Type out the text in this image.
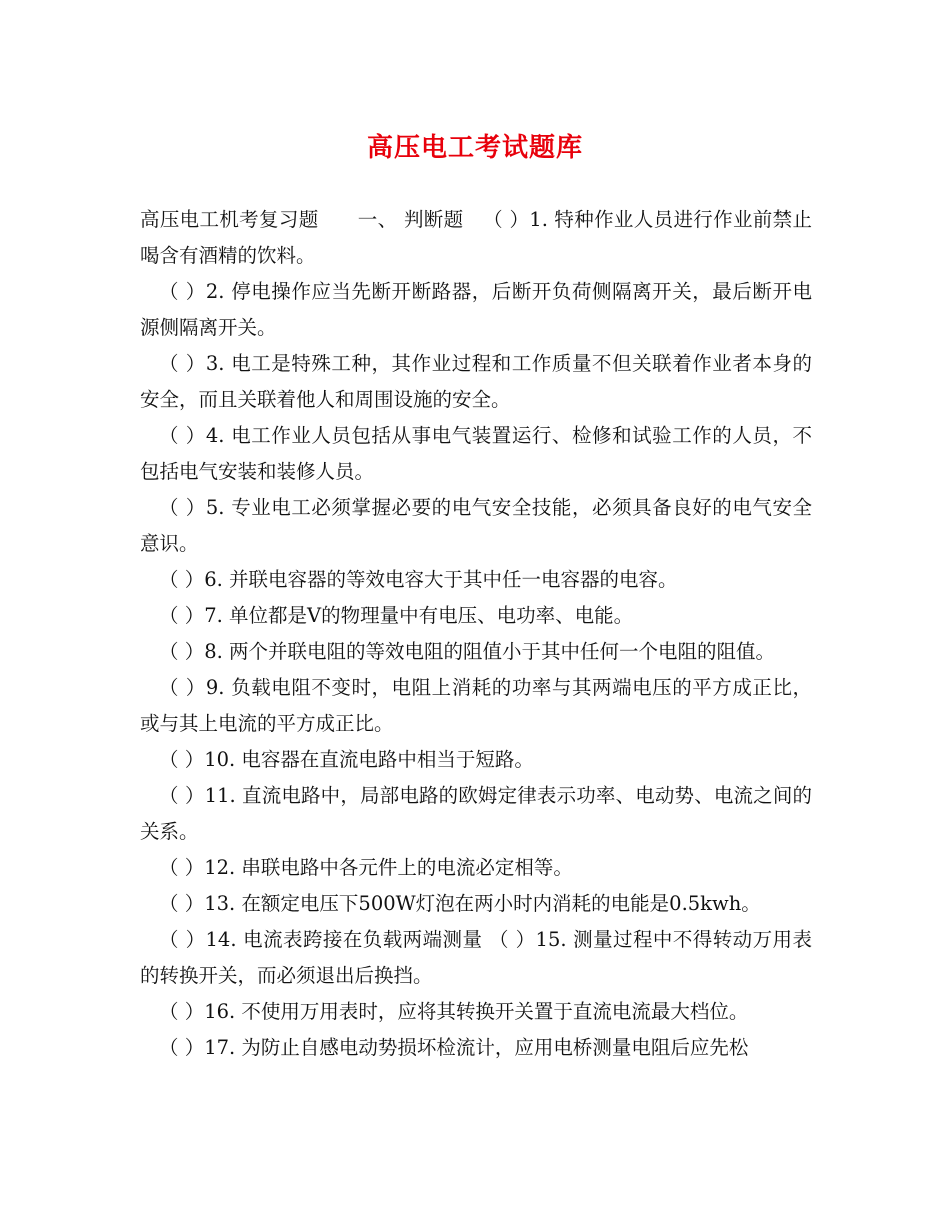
高压电工考试题库

高压电工机考复习题 一、 判断题 （ ）1. 特种作业人员进行作业前禁止喝含有酒精的饮料。

（ ）2. 停电操作应当先断开断路器，后断开负荷侧隔离开关，最后断开电源侧隔离开关。

（ ）3. 电工是特殊工种，其作业过程和工作质量不但关联着作业者本身的安全，而且关联着他人和周围设施的安全。

（ ）4. 电工作业人员包括从事电气装置运行、检修和试验工作的人员，不包括电气安装和装修人员。

（ ）5. 专业电工必须掌握必要的电气安全技能，必须具备良好的电气安全意识。

（ ）6. 并联电容器的等效电容大于其中任一电容器的电容。

（ ）7. 单位都是V的物理量中有电压、电功率、电能。

（ ）8. 两个并联电阻的等效电阻的阻值小于其中任何一个电阻的阻值。

（ ）9. 负载电阻不变时，电阻上消耗的功率与其两端电压的平方成正比，或与其上电流的平方成正比。

（ ）10. 电容器在直流电路中相当于短路。

（ ）11. 直流电路中，局部电路的欧姆定律表示功率、电动势、电流之间的关系。

（ ）12. 串联电路中各元件上的电流必定相等。

（ ）13. 在额定电压下500W灯泡在两小时内消耗的电能是0.5kwh。

（ ）14. 电流表跨接在负载两端测量 （ ）15. 测量过程中不得转动万用表的转换开关，而必须退出后换挡。

（ ）16. 不使用万用表时，应将其转换开关置于直流电流最大档位。

（ ）17. 为防止自感电动势损坏检流计，应用电桥测量电阻后应先松
